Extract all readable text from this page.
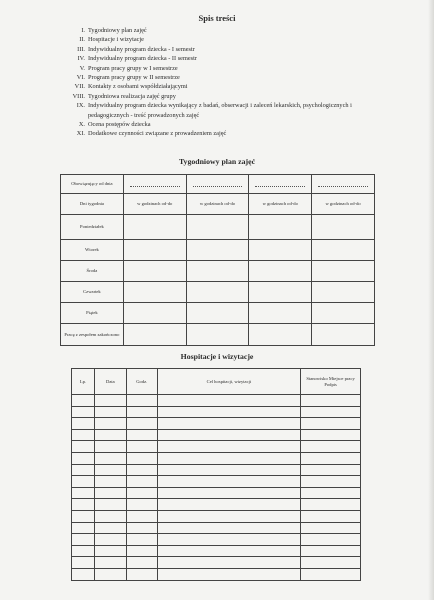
Spis treści
I. Tygodniowy plan zajęć
II. Hospitacje i wizytacje
III. Indywidualny program dziecka - I semestr
IV. Indywidualny program dziecka - II semestr
V. Program pracy grupy w I semestrze
VI. Program pracy grupy w II semestrze
VII. Kontakty z osobami współdziałającymi
VIII. Tygodniowa realizacja zajęć grupy
IX. Indywidualny program dziecka wynikający z badań, obserwacji i zaleceń lekarskich, psychologicznych i pedagogicznych - treść prowadzonych zajęć
X. Ocena postępów dziecka
XI. Dodatkowe czynności związane z prowadzeniem zajęć
Tygodniowy plan zajęć
Obowiązujący od dnia	

Dni tygodnia	w godzinach od-do	w godzinach od-do	w godzinach od-do	w godzinach od-do
Poniedziałek				
Wtorek				
Środa				
Czwartek				
Piątek				
Pracę z zespołem zakończono				
Hospitacje i wizytacje
Lp.	Data	Godz.	Cel hospitacji, wizytacji	Stanowisko Miejsce pracy Podpis
